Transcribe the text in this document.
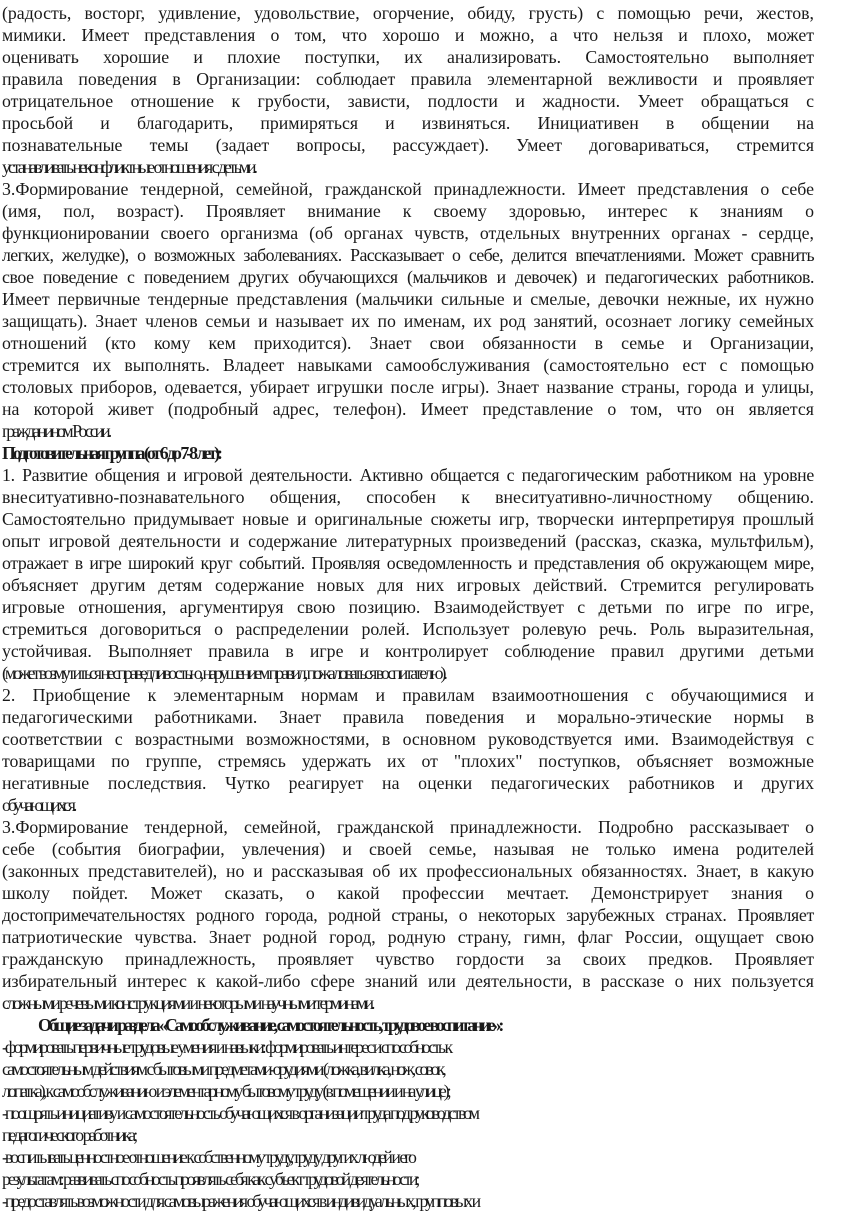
(радость, восторг, удивление, удовольствие, огорчение, обиду, грусть) с помощью речи, жестов,
мимики. Имеет представления о том, что хорошо и можно, а что нельзя и плохо, может
оценивать хорошие и плохие поступки, их анализировать. Самостоятельно выполняет
правила поведения в Организации: соблюдает правила элементарной вежливости и проявляет
отрицательное отношение к грубости, зависти, подлости и жадности. Умеет обращаться с
просьбой и благодарить, примиряться и извиняться. Инициативен в общении на
познавательные темы (задает вопросы, рассуждает). Умеет договариваться, стремится
устанавливать неконфликтные отношения с детьми.
3.Формирование тендерной, семейной, гражданской принадлежности. Имеет представления о себе
(имя, пол, возраст). Проявляет внимание к своему здоровью, интерес к знаниям о
функционировании своего организма (об органах чувств, отдельных внутренних органах - сердце,
легких, желудке), о возможных заболеваниях. Рассказывает о себе, делится впечатлениями. Может сравнить
свое поведение с поведением других обучающихся (мальчиков и девочек) и педагогических работников.
Имеет первичные тендерные представления (мальчики сильные и смелые, девочки нежные, их нужно
защищать). Знает членов семьи и называет их по именам, их род занятий, осознает логику семейных
отношений (кто кому кем приходится). Знает свои обязанности в семье и Организации,
стремится их выполнять. Владеет навыками самообслуживания (самостоятельно ест с помощью
столовых приборов, одевается, убирает игрушки после игры). Знает название страны, города и улицы,
на которой живет (подробный адрес, телефон). Имеет представление о том, что он является
гражданином России.
Подготовительная группа (от 6 до 7-8 лет):
1. Развитие общения и игровой деятельности. Активно общается с педагогическим работником на уровне
внеситуативно-познавательного общения, способен к внеситуативно-личностному общению.
Самостоятельно придумывает новые и оригинальные сюжеты игр, творчески интерпретируя прошлый
опыт игровой деятельности и содержание литературных произведений (рассказ, сказка, мультфильм),
отражает в игре широкий круг событий. Проявляя осведомленность и представления об окружающем мире,
объясняет другим детям содержание новых для них игровых действий. Стремится регулировать
игровые отношения, аргументируя свою позицию. Взаимодействует с детьми по игре по игре,
стремиться договориться о распределении ролей. Использует ролевую речь. Роль выразительная,
устойчивая. Выполняет правила в игре и контролирует соблюдение правил другими детьми
(может возмутиться несправедливостью, нарушением правил, пожаловаться воспитателю).
2. Приобщение к элементарным нормам и правилам взаимоотношения с обучающимися и
педагогическими работниками. Знает правила поведения и морально-этические нормы в
соответствии с возрастными возможностями, в основном руководствуется ими. Взаимодействуя с
товарищами по группе, стремясь удержать их от "плохих" поступков, объясняет возможные
негативные последствия. Чутко реагирует на оценки педагогических работников и других
обучающихся.
3.Формирование тендерной, семейной, гражданской принадлежности. Подробно рассказывает о
себе (события биографии, увлечения) и своей семье, называя не только имена родителей
(законных представителей), но и рассказывая об их профессиональных обязанностях. Знает, в какую
школу пойдет. Может сказать, о какой профессии мечтает. Демонстрирует знания о
достопримечательностях родного города, родной страны, о некоторых зарубежных странах. Проявляет
патриотические чувства. Знает родной город, родную страну, гимн, флаг России, ощущает свою
гражданскую принадлежность, проявляет чувство гордости за своих предков. Проявляет
избирательный интерес к какой-либо сфере знаний или деятельности, в рассказе о них пользуется
сложными речевыми конструкциями и некоторыми научными терминами.
Общие задачи раздела «Самообслуживание, самостоятельность, трудовое воспитание»:
-формировать первичные трудовые умения и навыки: формировать интерес и способность к
самостоятельным действиям с бытовыми предметами-орудиями (ложка, вилка, нож, совок,
лопатка), к самообслуживанию и элементарному бытовому труду (в помещении и на улице);
-поощрять инициативу и самостоятельность обучающихся в организации труда под руководством
педагогического работника;
-воспитывать ценностное отношение к собственному труду, труду других людей и его
результатам: развивать способность проявлять себя как субъект трудовой деятельности;
-предоставлять возможности для самовыражения обучающихся в индивидуальных, групповых и
